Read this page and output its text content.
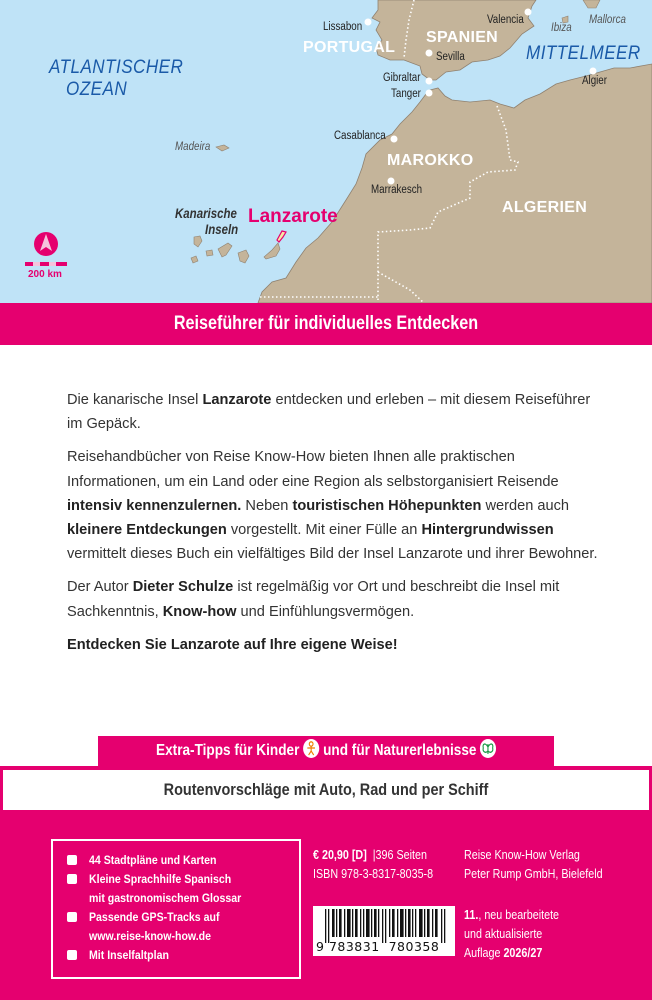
ATLANTISCHER
OZEAN
MITTELMEER
Lissabon
PORTUGAL
SPANIEN
Valencia
Sevilla
Gibraltar
Tanger
Casablanca
MAROKKO
Marrakesch
ALGERIEN
Algier
Ibiza
Mallorca
Madeira
Kanarische
Inseln
Lanzarote
200 km
Reiseführer für individuelles Entdecken

Die kanarische Insel Lanzarote entdecken und erleben – mit diesem Reiseführer im Gepäck.

Reisehandbücher von Reise Know-How bieten Ihnen alle praktischen Informationen, um ein Land oder eine Region als selbstorganisiert Reisende intensiv kennenzulernen. Neben touristischen Höhepunkten werden auch kleinere Entdeckungen vorgestellt. Mit einer Fülle an Hintergrundwissen vermittelt dieses Buch ein vielfältiges Bild der Insel Lanzarote und ihrer Bewohner.

Der Autor Dieter Schulze ist regelmäßig vor Ort und beschreibt die Insel mit Sachkenntnis, Know-how und Einfühlungsvermögen.

Entdecken Sie Lanzarote auf Ihre eigene Weise!

Extra-Tipps für Kinder und für Naturerlebnisse
Routenvorschläge mit Auto, Rad und per Schiff
44 Stadtpläne und Karten
Kleine Sprachhilfe Spanisch
mit gastronomischem Glossar
Passende GPS-Tracks auf
www.reise-know-how.de
Mit Inselfaltplan
€ 20,90 [D] |396 Seiten
ISBN 978-3-8317-8035-8
9 783831 780358
Reise Know-How Verlag
Peter Rump GmbH, Bielefeld
11., neu bearbeitete
und aktualisierte
Auflage 2026/27
